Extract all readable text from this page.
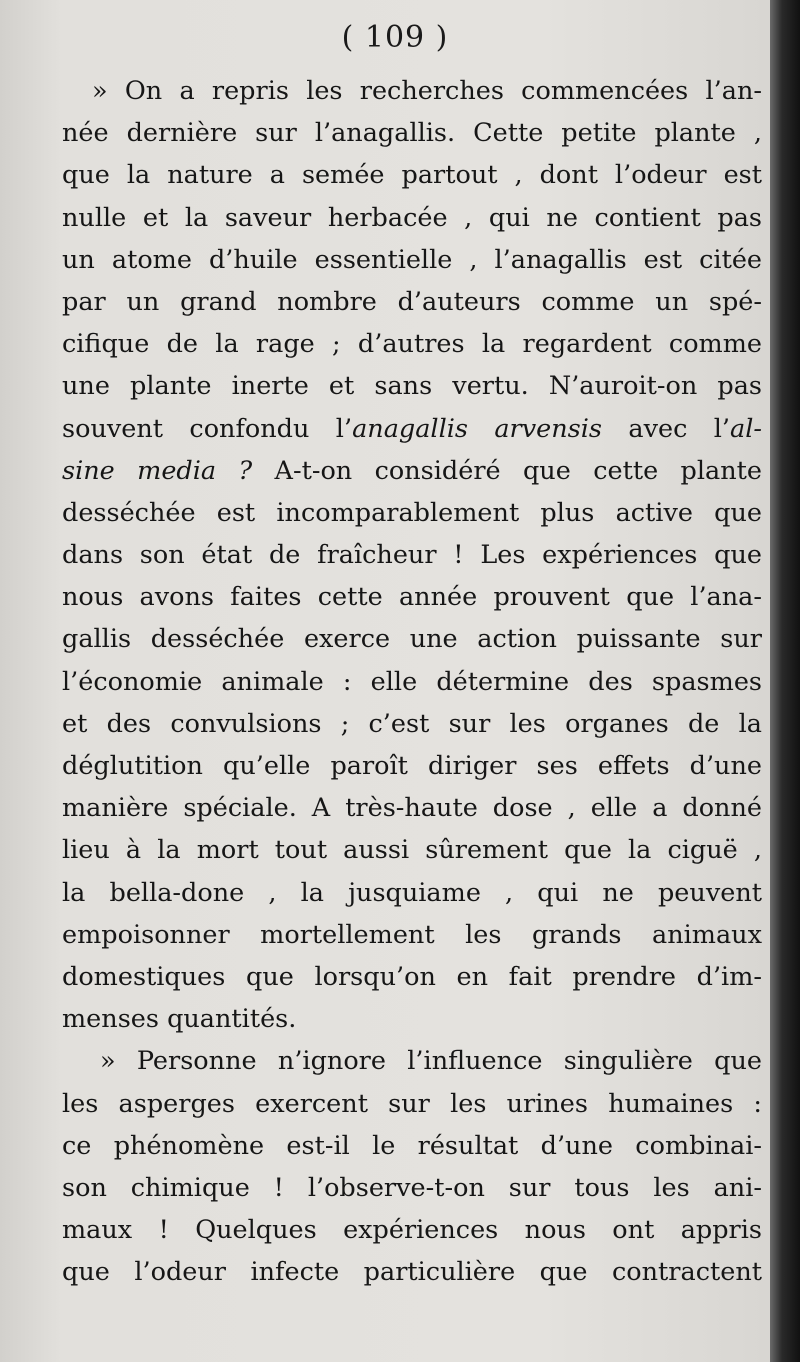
( 109 )
» On a repris les recherches commencées l’an-
née dernière sur l’anagallis. Cette petite plante ,
que la nature a semée partout , dont l’odeur est
nulle et la saveur herbacée , qui ne contient pas
un atome d’huile essentielle , l’anagallis est citée
par un grand nombre d’auteurs comme un spé-
cifique de la rage ; d’autres la regardent comme
une plante inerte et sans vertu. N’auroit-on pas
souvent confondu l’anagallis arvensis avec l’al-
sine media ? A-t-on considéré que cette plante
desséchée est incomparablement plus active que
dans son état de fraîcheur ! Les expériences que
nous avons faites cette année prouvent que l’ana-
gallis desséchée exerce une action puissante sur
l’économie animale : elle détermine des spasmes
et des convulsions ; c’est sur les organes de la
déglutition qu’elle paroît diriger ses effets d’une
manière spéciale. A très-haute dose , elle a donné
lieu à la mort tout aussi sûrement que la ciguë ,
la bella-done , la jusquiame , qui ne peuvent
empoisonner mortellement les grands animaux
domestiques que lorsqu’on en fait prendre d’im-
menses quantités.
» Personne n’ignore l’influence singulière que
les asperges exercent sur les urines humaines :
ce phénomène est-il le résultat d’une combinai-
son chimique ! l’observe-t-on sur tous les ani-
maux ! Quelques expériences nous ont appris
que l’odeur infecte particulière que contractent
